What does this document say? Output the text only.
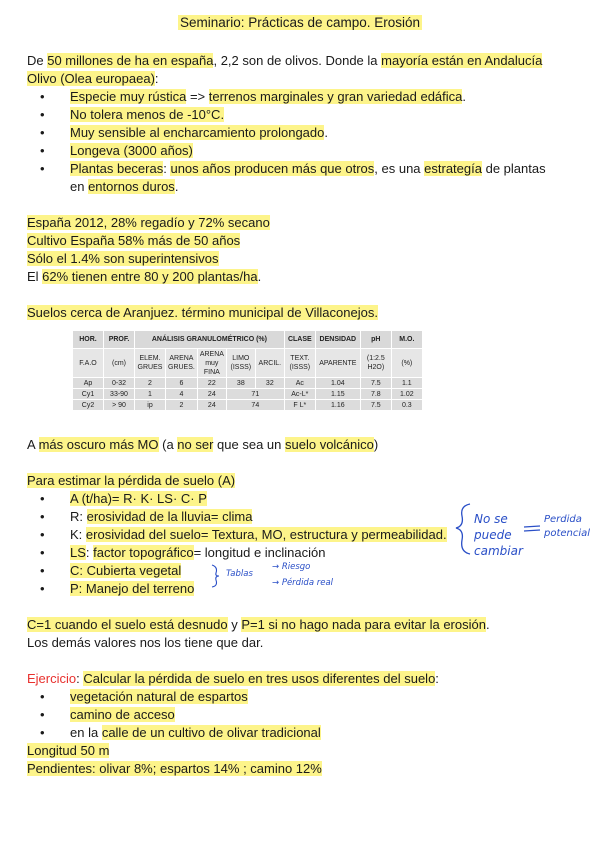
Seminario: Prácticas de campo. Erosión
De 50 millones de ha en españa, 2,2 son de olivos. Donde la mayoría están en Andalucía
Olivo (Olea europaea):
• Especie muy rústica => terrenos marginales y gran variedad edáfica.
• No tolera menos de -10°C.
• Muy sensible al encharcamiento prolongado.
• Longeva (3000 años)
• Plantas beceras: unos años producen más que otros, es una estrategía de plantas
en entornos duros.
España 2012, 28% regadío y 72% secano
Cultivo España 58% más de 50 años
Sólo el 1.4% son superintensivos
El 62% tienen entre 80 y 200 plantas/ha.
Suelos cerca de Aranjuez. término municipal de Villaconejos.
HOR.	PROF.	ANÁLISIS GRANULOMÉTRICO (%)					CLASE	DENSIDAD	pH	M.O.
F.A.O	(cm)	ELEM. GRUES	ARENA GRUES.	ARENA muy FINA	LIMO (ISSS)	ARCIL.	TEXT. (ISSS)	APARENTE	(1:2.5 H2O)	(%)
Ap	0-32	2	6	22	38	32	Ac	1.04	7.5	1.1
Cy1	33-90	1	4	24	71		Ac-L*	1.15	7.8	1.02
Cy2	> 90	ip	2	24	74		F L*	1.16	7.5	0.3
A más oscuro más MO (a no ser que sea un suelo volcánico)
Para estimar la pérdida de suelo (A)
• A (t/ha)= R· K· LS· C· P
• R: erosividad de la lluvia= clima
• K: erosividad del suelo= Textura, MO, estructura y permeabilidad.
• LS: factor topográfico= longitud e inclinación
• C: Cubierta vegetal
• P: Manejo del terreno
No se
puede
cambiar
Perdida
potencial
Tablas
→ Riesgo
→ Pérdida real
C=1 cuando el suelo está desnudo y P=1 si no hago nada para evitar la erosión.
Los demás valores nos los tiene que dar.
Ejercicio: Calcular la pérdida de suelo en tres usos diferentes del suelo:
• vegetación natural de espartos
• camino de acceso
• en la calle de un cultivo de olivar tradicional
Longitud 50 m
Pendientes: olivar 8%; espartos 14% ; camino 12%
